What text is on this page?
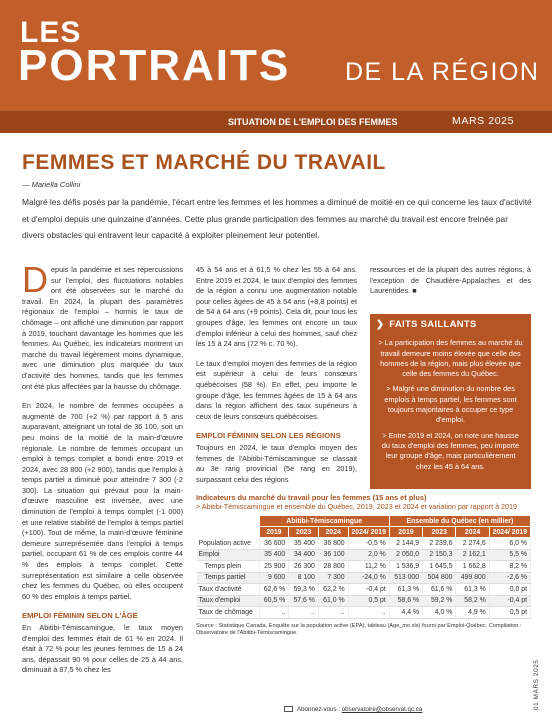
LES
PORTRAITS DE LA RÉGION
SITUATION DE L'EMPLOI DES FEMMES	MARS 2025
FEMMES ET MARCHÉ DU TRAVAIL
— Mariella Collini

Malgré les défis posés par la pandémie, l'écart entre les femmes et les hommes a diminué de moitié en ce qui concerne les taux d'activité et d'emploi depuis une quinzaine d'années. Cette plus grande participation des femmes au marché du travail est encore freinée par divers obstacles qui entravent leur capacité à exploiter pleinement leur potentiel.

Depuis la pandémie et ses répercussions sur l'emploi, des fluctuations notables ont été observées sur le marché du travail. En 2024, la plupart des paramètres régionaux de l'emploi – hormis le taux de chômage – ont affiché une diminution par rapport à 2019, touchant davantage les hommes que les femmes. Au Québec, les indicateurs montrent un marché du travail légèrement moins dynamique, avec une diminution plus marquée du taux d'activité des hommes, tandis que les femmes ont été plus affectées par la hausse du chômage.

En 2024, le nombre de femmes occupées a augmenté de 700 (+2 %) par rapport à 5 ans auparavant, atteignant un total de 36 100, soit un peu moins de la moitié de la main-d'œuvre régionale. Le nombre de femmes occupant un emploi à temps complet a bondi entre 2019 et 2024, avec 28 800 (+2 900), tandis que l'emploi à temps partiel a diminué pour atteindre 7 300 (-2 300). La situation qui prévaut pour la main-d'œuvre masculine est inversée, avec une diminution de l'emploi à temps complet (-1 000) et une relative stabilité de l'emploi à temps partiel (+100). Tout de même, la main-d'œuvre féminine demeure surreprésentée dans l'emploi à temps partiel, occupant 61 % de ces emplois contre 44 % des emplois à temps complet. Cette surreprésentation est similaire à celle observée chez les femmes du Québec, où elles occupent 60 % des emplois à temps partiel.

EMPLOI FÉMININ SELON L'ÂGE

En Abitibi-Témiscamingue, le taux moyen d'emploi des femmes était de 61 % en 2024. Il était à 72 % pour les jeunes femmes de 15 à 24 ans, dépassait 90 % pour celles de 25 à 44 ans, diminuait à 87,5 % chez les

45 à 54 ans et à 61,5 % chez les 55 à 64 ans. Entre 2019 et 2024, le taux d'emploi des femmes de la région a connu une augmentation notable pour celles âgées de 45 à 54 ans (+8,8 points) et de 54 à 64 ans (+9 points). Cela dit, pour tous les groupes d'âge, les femmes ont encore un taux d'emploi inférieur à celui des hommes, sauf chez les 15 à 24 ans (72 % c. 70 %).

Le taux d'emploi moyen des femmes de la région est supérieur à celui de leurs consœurs québécoises (58 %). En effet, peu importe le groupe d'âge, les femmes âgées de 15 à 64 ans dans la région affichent des taux supérieurs à ceux de leurs consœurs québécoises.

EMPLOI FÉMININ SELON LES RÉGIONS

Toujours en 2024, le taux d'emploi moyen des femmes de l'Abitibi-Témiscamingue se classait au 3e rang provincial (5e rang en 2019), surpassant celui des régions

ressources et de la plupart des autres régions, à l'exception de Chaudière-Appalaches et des Laurentides. ■

❯ FAITS SAILLANTS
> La participation des femmes au marché du travail demeure moins élevée que celle des hommes de la région, mais plus élevée que celle des femmes du Québec.
> Malgré une diminution du nombre des emplois à temps partiel, les femmes sont toujours majoritaires à occuper ce type d'emploi.
> Entre 2019 et 2024, on note une hausse du taux d'emploi des femmes, peu importe leur groupe d'âge, mais particulièrement chez les 45 à 64 ans.
Indicateurs du marché du travail pour les femmes (15 ans et plus)
> Abitibi-Témiscamingue et ensemble du Québec, 2019, 2023 et 2024 et variation par rapport à 2019
	Abitibi-Témiscamingue				Ensemble du Québec (en millier)			
	2019	2023	2024	2024/ 2019	2019	2023	2024	2024/ 2019
Population active	36 600	35 400	36 800	-0,5 %	2 144,9	2 239,6	2 274,6	6,0 %
Emploi	35 400	34 400	36 100	2,0 %	2 050,0	2 150,3	2 162,1	5,5 %
Temps plein	25 900	26 300	28 800	11,2 %	1 536,9	1 645,5	1 662,8	8,2 %
Temps partiel	9 600	8 100	7 300	-24,0 %	513 000	504 800	499 800	-2,6 %
Taux d'activité	62,6 %	59,3 %	62,2 %	-0,4 pt	61,3 %	61,6 %	61,3 %	0,0 pt
Taux d'emploi	60,5 %	57,6 %	61,0 %	0,5 pt	58,6 %	59,2 %	58,2 %	-0,4 pt
Taux de chômage	..	..	..	..	4,4 %	4,0 %	4,9 %	0,5 pt
Source : Statistique Canada, Enquête sur la population active (EPA), tableau (Age_mo.xls) fourni par Emploi-Québec. Compilation : Observatoire de l'Abitibi-Témiscamingue.
Abonnez-vous : observatoire@observat.qc.ca	01 MARS 2025
